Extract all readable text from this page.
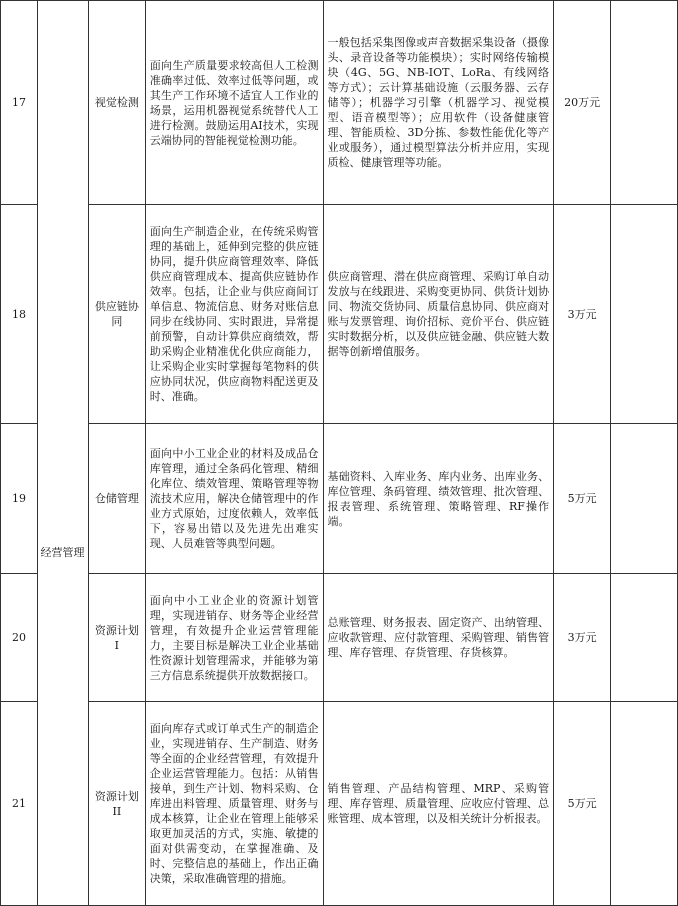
17		视觉检测	面向生产质量要求较高但人工检测准确率过低、效率过低等问题，或其生产工作环境不适宜人工作业的场景，运用机器视觉系统替代人工进行检测。鼓励运用AI技术，实现云端协同的智能视觉检测功能。	一般包括采集图像或声音数据采集设备（摄像头、录音设备等功能模块）；实时网络传输模块（4G、5G、NB-IOT、LoRa、有线网络等方式）；云计算基础设施（云服务器、云存储等）；机器学习引擎（机器学习、视觉模型、语音模型等）；应用软件（设备健康管理、智能质检、3D分拣、参数性能优化等产业或服务），通过模型算法分析并应用，实现质检、健康管理等功能。	20万元	
18		供应链协同	面向生产制造企业，在传统采购管理的基础上，延伸到完整的供应链协同，提升供应商管理效率、降低供应商管理成本、提高供应链协作效率。包括，让企业与供应商间订单信息、物流信息、财务对账信息同步在线协同、实时跟进，异常提前预警，自动计算供应商绩效，帮助采购企业精准优化供应商能力，让采购企业实时掌握每笔物料的供应协同状况，供应商物料配送更及时、准确。	供应商管理、潜在供应商管理、采购订单自动发放与在线跟进、采购变更协同、供货计划协同、物流交货协同、质量信息协同、供应商对账与发票管理、询价招标、竞价平台、供应链实时数据分析，以及供应链金融、供应链大数据等创新增值服务。	3万元	
19		仓储管理	面向中小工业企业的材料及成品仓库管理，通过全条码化管理、精细化库位、绩效管理、策略管理等物流技术应用，解决仓储管理中的作业方式原始，过度依赖人，效率低下，容易出错以及先进先出难实现、人员难管等典型问题。	基础资料、入库业务、库内业务、出库业务、库位管理、条码管理、绩效管理、批次管理、报表管理、系统管理、策略管理、RF操作端。	5万元	
20		资源计划I	面向中小工业企业的资源计划管理，实现进销存、财务等企业经营管理，有效提升企业运营管理能力，主要目标是解决工业企业基础性资源计划管理需求，并能够为第三方信息系统提供开放数据接口。	总账管理、财务报表、固定资产、出纳管理、应收款管理、应付款管理、采购管理、销售管理、库存管理、存货管理、存货核算。	3万元	
21		资源计划II	面向库存式或订单式生产的制造企业，实现进销存、生产制造、财务等全面的企业经营管理，有效提升企业运营管理能力。包括：从销售接单，到生产计划、物料采购、仓库进出料管理、质量管理、财务与成本核算，让企业在管理上能够采取更加灵活的方式，实施、敏捷的面对供需变动，在掌握准确、及时、完整信息的基础上，作出正确决策，采取准确管理的措施。	销售管理、产品结构管理、MRP、采购管理、库存管理、质量管理、应收应付管理、总账管理、成本管理，以及相关统计分析报表。	5万元	
经营管理
